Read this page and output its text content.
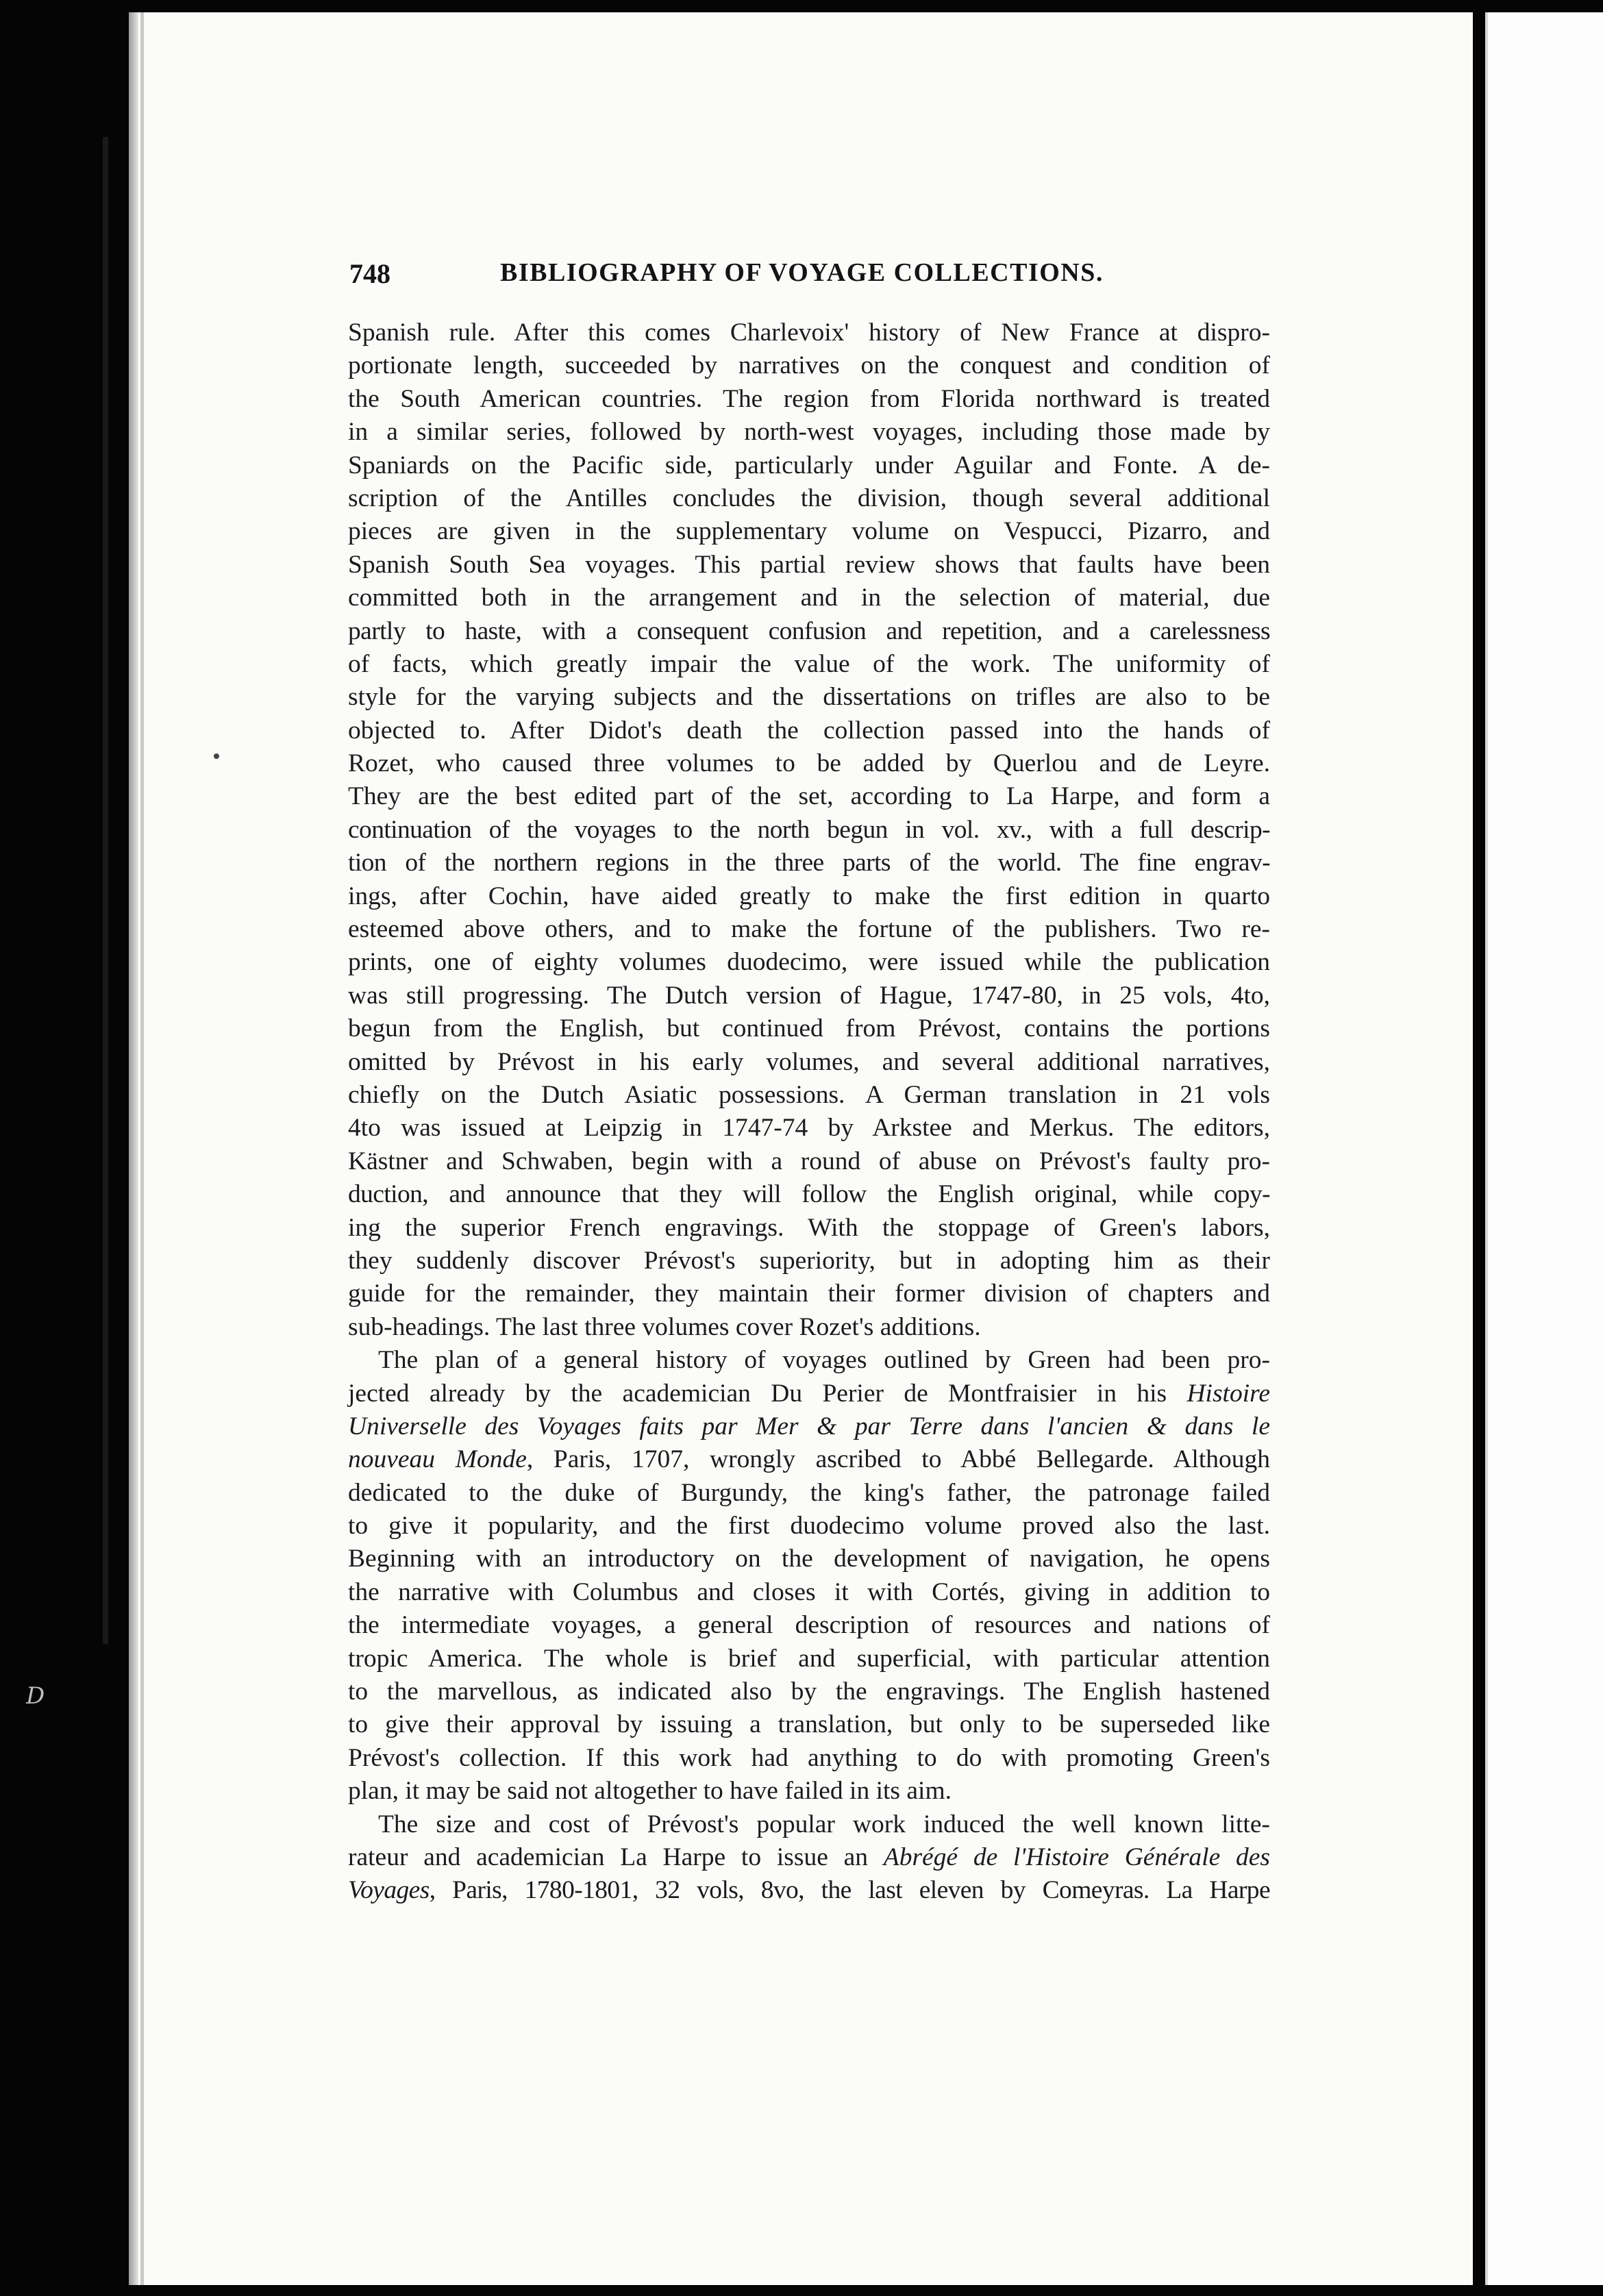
D
748	BIBLIOGRAPHY OF VOYAGE COLLECTIONS.
Spanish rule. After this comes Charlevoix' history of New France at dispro-
portionate length, succeeded by narratives on the conquest and condition of
the South American countries. The region from Florida northward is treated
in a similar series, followed by north-west voyages, including those made by
Spaniards on the Pacific side, particularly under Aguilar and Fonte. A de-
scription of the Antilles concludes the division, though several additional
pieces are given in the supplementary volume on Vespucci, Pizarro, and
Spanish South Sea voyages. This partial review shows that faults have been
committed both in the arrangement and in the selection of material, due
partly to haste, with a consequent confusion and repetition, and a carelessness
of facts, which greatly impair the value of the work. The uniformity of
style for the varying subjects and the dissertations on trifles are also to be
objected to. After Didot's death the collection passed into the hands of
Rozet, who caused three volumes to be added by Querlou and de Leyre.
They are the best edited part of the set, according to La Harpe, and form a
continuation of the voyages to the north begun in vol. xv., with a full descrip-
tion of the northern regions in the three parts of the world. The fine engrav-
ings, after Cochin, have aided greatly to make the first edition in quarto
esteemed above others, and to make the fortune of the publishers. Two re-
prints, one of eighty volumes duodecimo, were issued while the publication
was still progressing. The Dutch version of Hague, 1747-80, in 25 vols, 4to,
begun from the English, but continued from Prévost, contains the portions
omitted by Prévost in his early volumes, and several additional narratives,
chiefly on the Dutch Asiatic possessions. A German translation in 21 vols
4to was issued at Leipzig in 1747-74 by Arkstee and Merkus. The editors,
Kästner and Schwaben, begin with a round of abuse on Prévost's faulty pro-
duction, and announce that they will follow the English original, while copy-
ing the superior French engravings. With the stoppage of Green's labors,
they suddenly discover Prévost's superiority, but in adopting him as their
guide for the remainder, they maintain their former division of chapters and
sub-headings. The last three volumes cover Rozet's additions.
The plan of a general history of voyages outlined by Green had been pro-
jected already by the academician Du Perier de Montfraisier in his Histoire
Universelle des Voyages faits par Mer & par Terre dans l'ancien & dans le
nouveau Monde, Paris, 1707, wrongly ascribed to Abbé Bellegarde. Although
dedicated to the duke of Burgundy, the king's father, the patronage failed
to give it popularity, and the first duodecimo volume proved also the last.
Beginning with an introductory on the development of navigation, he opens
the narrative with Columbus and closes it with Cortés, giving in addition to
the intermediate voyages, a general description of resources and nations of
tropic America. The whole is brief and superficial, with particular attention
to the marvellous, as indicated also by the engravings. The English hastened
to give their approval by issuing a translation, but only to be superseded like
Prévost's collection. If this work had anything to do with promoting Green's
plan, it may be said not altogether to have failed in its aim.
The size and cost of Prévost's popular work induced the well known litte-
rateur and academician La Harpe to issue an Abrégé de l'Histoire Générale des
Voyages, Paris, 1780-1801, 32 vols, 8vo, the last eleven by Comeyras. La Harpe
